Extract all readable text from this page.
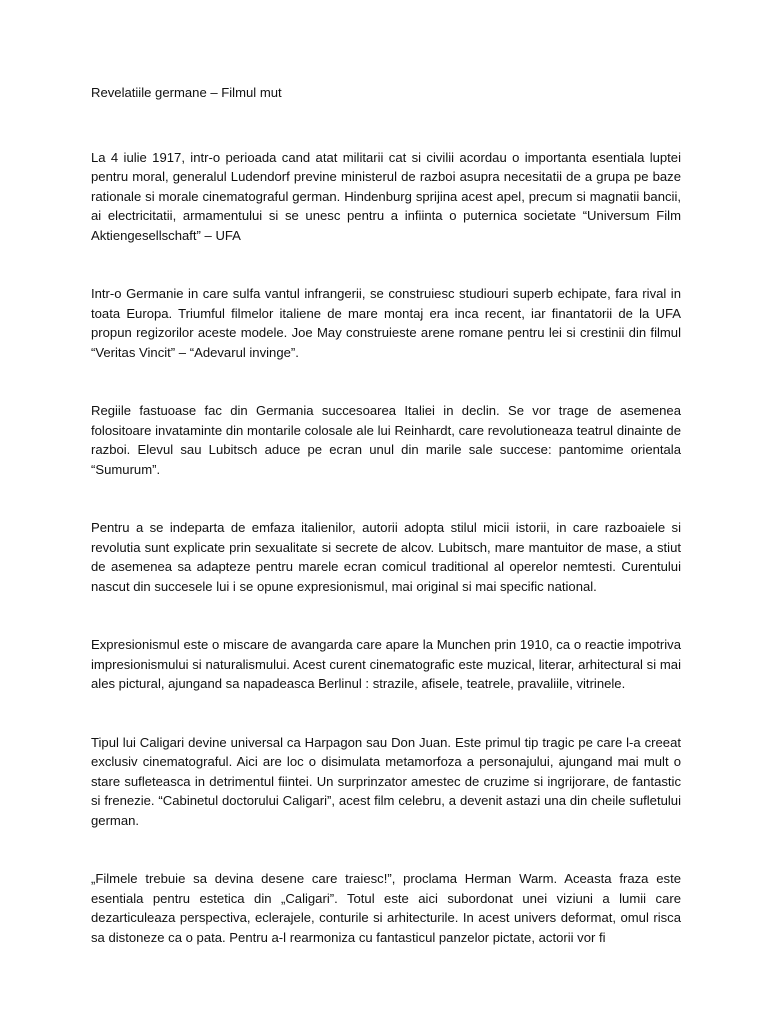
Revelatiile germane – Filmul mut

La 4 iulie 1917, intr-o perioada cand atat militarii cat si civilii acordau o importanta esentiala luptei pentru moral, generalul Ludendorf previne ministerul de razboi asupra necesitatii de a grupa pe baze rationale si morale cinematograful german. Hindenburg sprijina acest apel, precum si magnatii bancii, ai electricitatii, armamentului si se unesc pentru a infiinta o puternica societate “Universum Film Aktiengesellschaft” – UFA

Intr-o Germanie in care sulfa vantul infrangerii, se construiesc studiouri superb echipate, fara rival in toata Europa. Triumful filmelor italiene de mare montaj era inca recent, iar finantatorii de la UFA propun regizorilor aceste modele. Joe May construieste arene romane pentru lei si crestinii din filmul “Veritas Vincit” – “Adevarul invinge”.

Regiile fastuoase fac din Germania succesoarea Italiei in declin. Se vor trage de asemenea folositoare invataminte din montarile colosale ale lui Reinhardt, care revolutioneaza teatrul dinainte de razboi. Elevul sau Lubitsch aduce pe ecran unul din marile sale succese: pantomime orientala “Sumurum”.

Pentru a se indeparta de emfaza italienilor, autorii adopta stilul micii istorii, in care razboaiele si revolutia sunt explicate prin sexualitate si secrete de alcov. Lubitsch, mare mantuitor de mase, a stiut de asemenea sa adapteze pentru marele ecran comicul traditional al operelor nemtesti. Curentului nascut din succesele lui i se opune expresionismul, mai original si mai specific national.

Expresionismul este o miscare de avangarda care apare la Munchen prin 1910, ca o reactie impotriva impresionismului si naturalismului. Acest curent cinematografic este muzical, literar, arhitectural si mai ales pictural, ajungand sa napadeasca Berlinul : strazile, afisele, teatrele, pravaliile, vitrinele.

Tipul lui Caligari devine universal ca Harpagon sau Don Juan. Este primul tip tragic pe care l-a creeat exclusiv cinematograful. Aici are loc o disimulata metamorfoza a personajului, ajungand mai mult o stare sufleteasca in detrimentul fiintei. Un surprinzator amestec de cruzime si ingrijorare, de fantastic si frenezie. “Cabinetul doctorului Caligari”, acest film celebru, a devenit astazi una din cheile sufletului german.

„Filmele trebuie sa devina desene care traiesc!”, proclama Herman Warm. Aceasta fraza este esentiala pentru estetica din „Caligari”. Totul este aici subordonat unei viziuni a lumii care dezarticuleaza perspectiva, eclerajele, conturile si arhitecturile. In acest univers deformat, omul risca sa distoneze ca o pata. Pentru a-l rearmoniza cu fantasticul panzelor pictate, actorii vor fi
